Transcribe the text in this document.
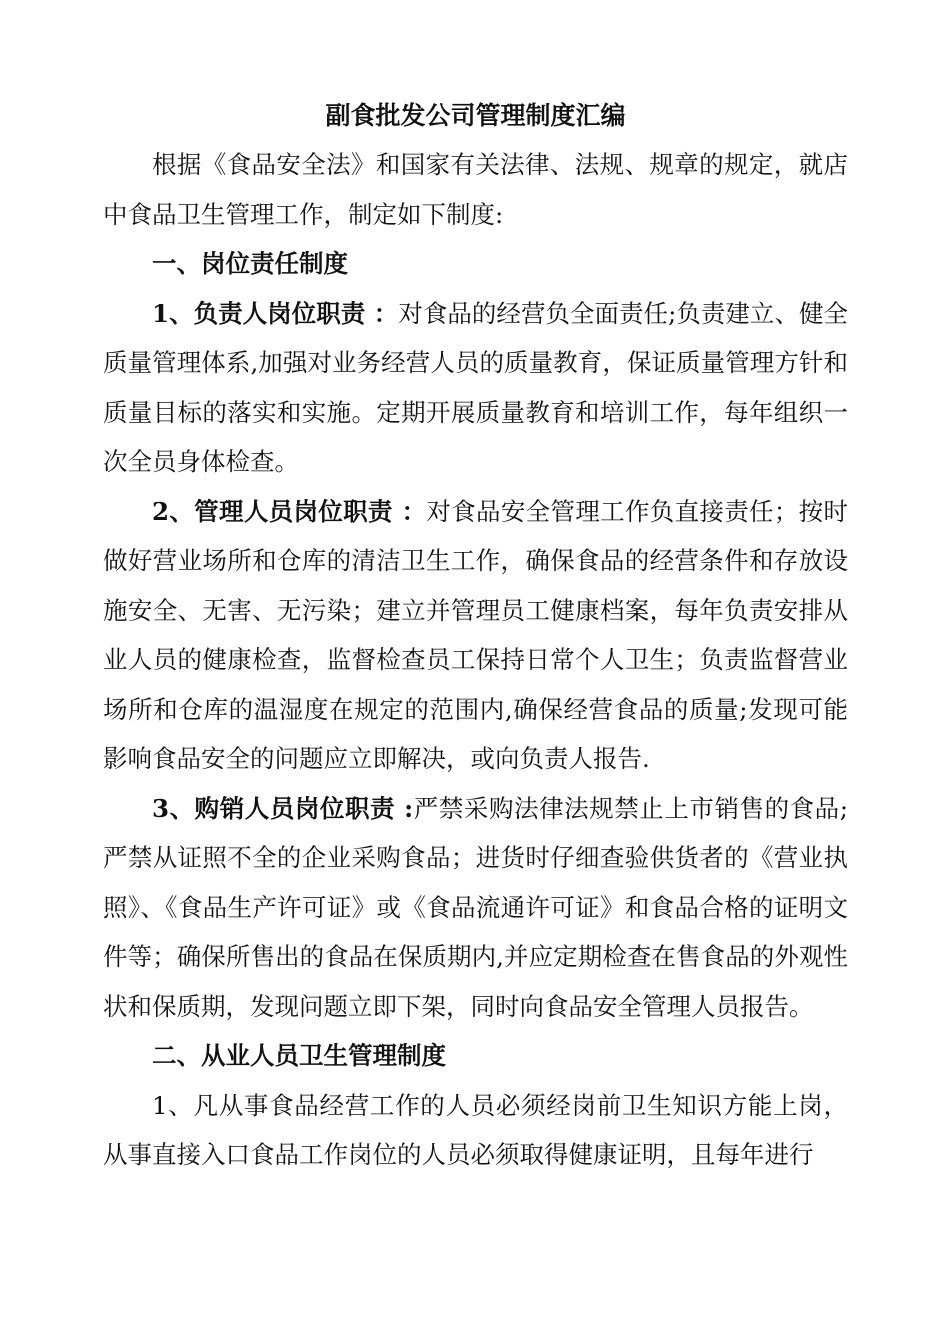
副食批发公司管理制度汇编

根据《食品安全法》和国家有关法律、法规、规章的规定，就店中食品卫生管理工作，制定如下制度:

一、岗位责任制度

1、负责人岗位职责 ：对食品的经营负全面责任;负责建立、健全质量管理体系,加强对业务经营人员的质量教育，保证质量管理方针和质量目标的落实和实施。定期开展质量教育和培训工作，每年组织一次全员身体检查。

2、管理人员岗位职责 ：对食品安全管理工作负直接责任；按时做好营业场所和仓库的清洁卫生工作，确保食品的经营条件和存放设施安全、无害、无污染；建立并管理员工健康档案，每年负责安排从业人员的健康检查，监督检查员工保持日常个人卫生；负责监督营业场所和仓库的温湿度在规定的范围内,确保经营食品的质量;发现可能影响食品安全的问题应立即解决，或向负责人报告.

3、购销人员岗位职责 :严禁采购法律法规禁止上市销售的食品;严禁从证照不全的企业采购食品；进货时仔细查验供货者的《营业执照》、《食品生产许可证》或《食品流通许可证》和食品合格的证明文件等；确保所售出的食品在保质期内,并应定期检查在售食品的外观性状和保质期，发现问题立即下架，同时向食品安全管理人员报告。

二、从业人员卫生管理制度

1、凡从事食品经营工作的人员必须经岗前卫生知识方能上岗，从事直接入口食品工作岗位的人员必须取得健康证明，且每年进行
